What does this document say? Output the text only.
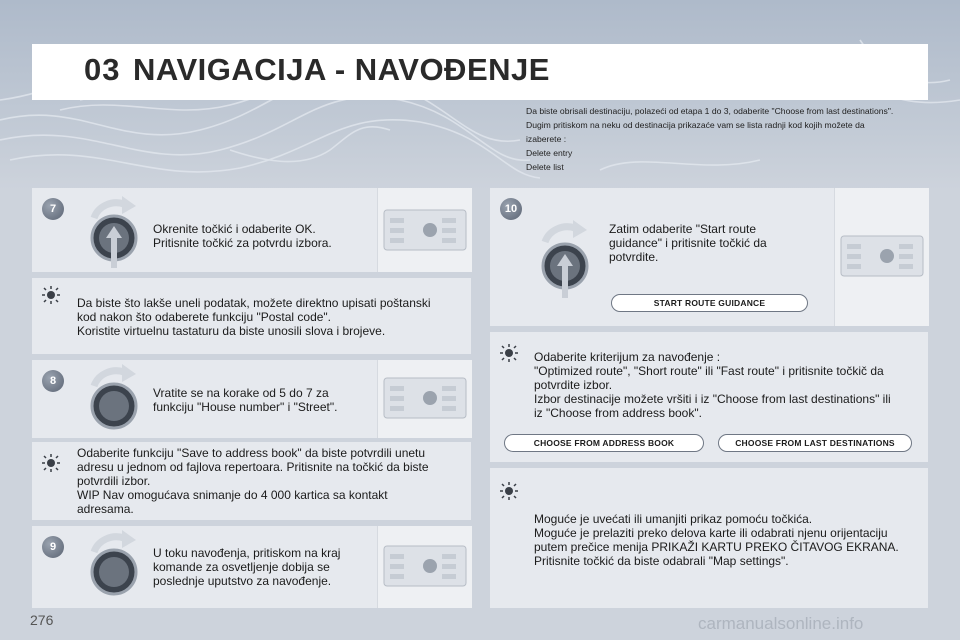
03 NAVIGACIJA - NAVOĐENJE
Da biste obrisali destinaciju, polazeći od etapa 1 do 3, odaberite "Choose from last destinations".
Dugim pritiskom na neku od destinacija prikazaće vam se lista radnji kod kojih možete da
izaberete :
Delete entry
Delete list
7
Okrenite točkić i odaberite OK.
Pritisnite točkić za potvrdu izbora.
Da biste što lakše uneli podatak, možete direktno upisati poštanski
kod nakon što odaberete funkciju "Postal code".
Koristite virtuelnu tastaturu da biste unosili slova i brojeve.
8
Vratite se na korake od 5 do 7 za
funkciju "House number" i "Street".
Odaberite funkciju "Save to address book" da biste potvrdili unetu
adresu u jednom od fajlova repertoara. Pritisnite na točkić da biste
potvrdili izbor.
WIP Nav omogućava snimanje do 4 000 kartica sa kontakt
adresama.
9	U toku navođenja, pritiskom na kraj
komande za osvetljenje dobija se
poslednje uputstvo za navođenje.
10
Zatim odaberite "Start route
guidance" i pritisnite točkić da
potvrdite.
START ROUTE GUIDANCE
Odaberite kriterijum za navođenje :
"Optimized route", "Short route" ili "Fast route" i pritisnite točkič da
potvrdite izbor.
Izbor destinacije možete vršiti i iz "Choose from last destinations" ili
iz "Choose from address book".
CHOOSE FROM ADDRESS BOOK	CHOOSE FROM LAST DESTINATIONS
Moguće je uvećati ili umanjiti prikaz pomoću točkića.
Moguće je prelaziti preko delova karte ili odabrati njenu orijentaciju
putem prečice menija PRIKAŽI KARTU PREKO ČITAVOG EKRANA.
Pritisnite točkić da biste odabrali "Map settings".
276	carmanualsonline.info
